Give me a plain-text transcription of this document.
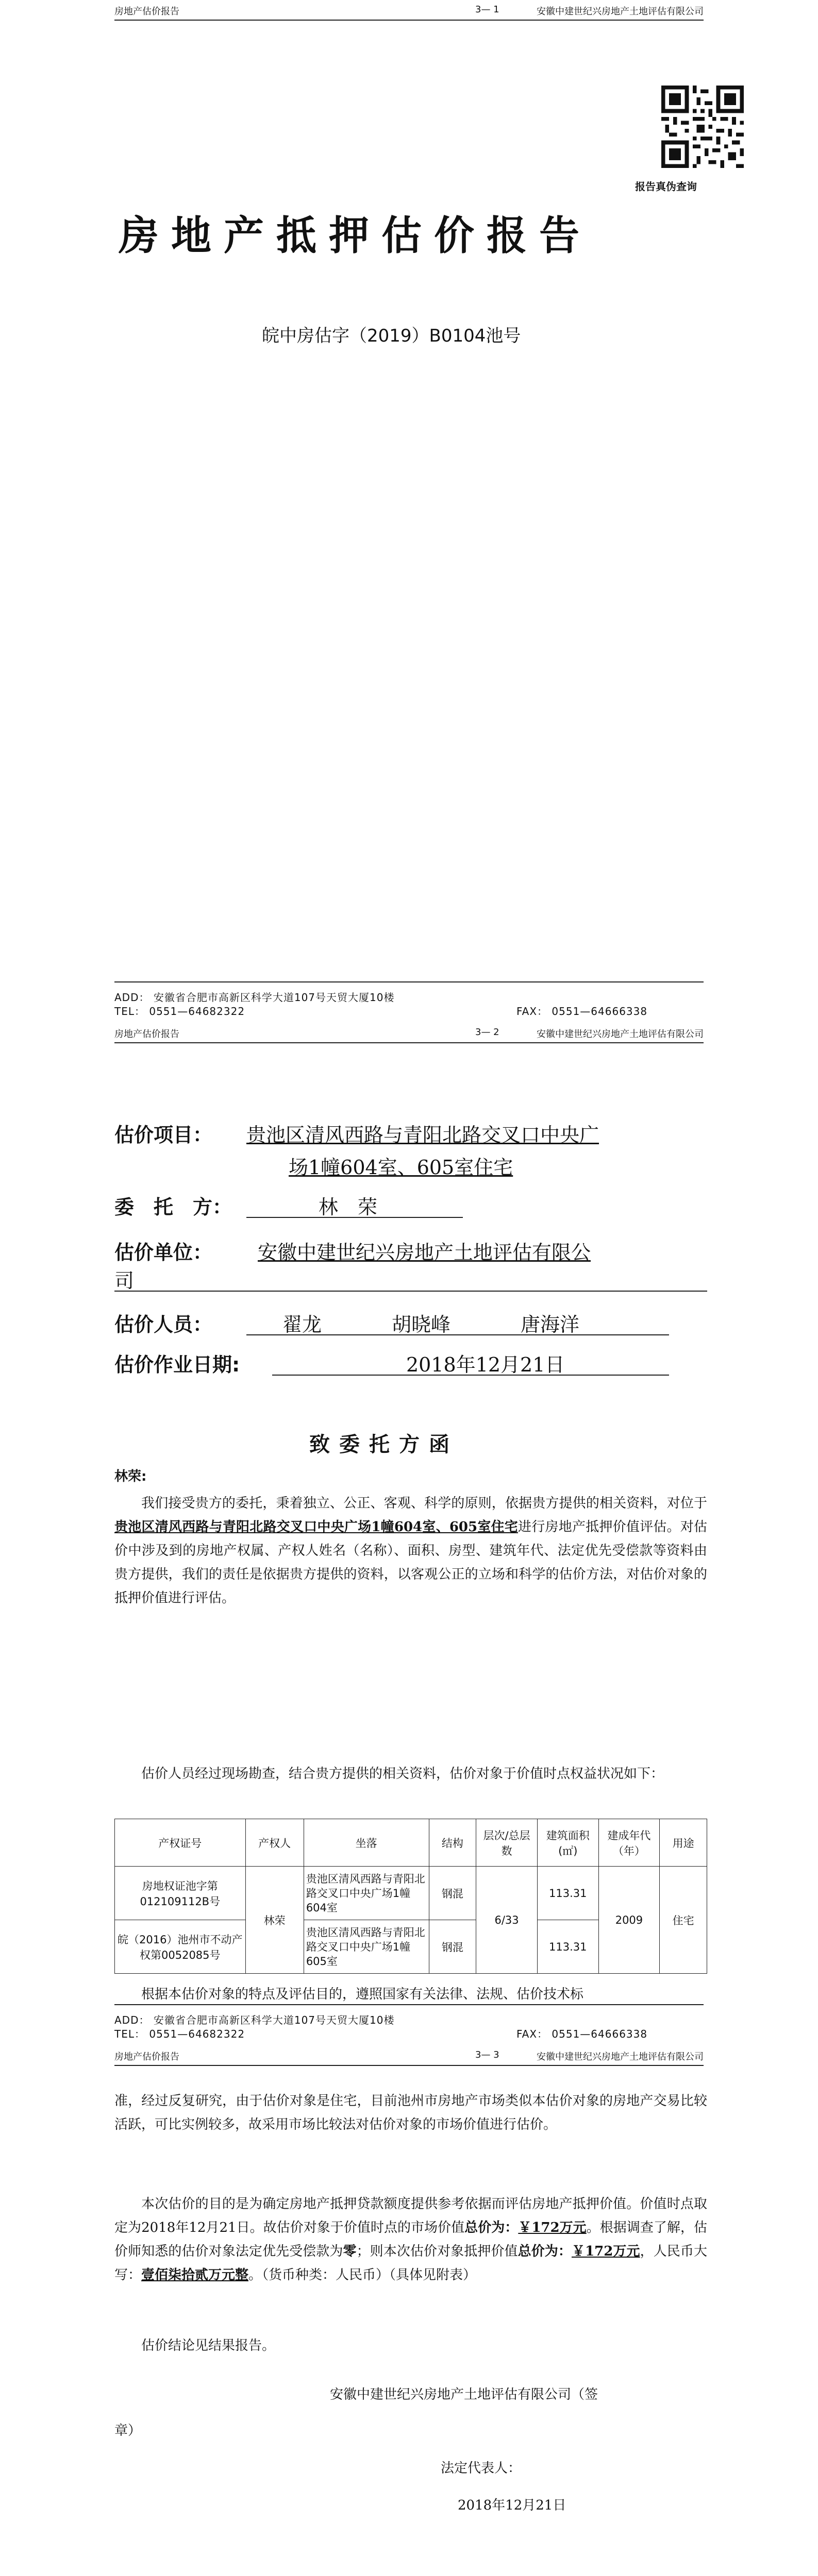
房地产估价报告	3— 1	安徽中建世纪兴房地产土地评估有限公司
报告真伪查询
房地产抵押估价报告
皖中房估字（2019）B0104池号
ADD： 安徽省合肥市高新区科学大道107号天贸大厦10楼
TEL： 0551—64682322	FAX： 0551—64666338
房地产估价报告	3— 2	安徽中建世纪兴房地产土地评估有限公司
ADD： 安徽省合肥市高新区科学大道107号天贸大厦10楼
TEL： 0551—64682322	FAX： 0551—64666338
估价项目： 贵池区清风西路与青阳北路交叉口中央广
场1幢604室、605室住宅
委　托　方：	林　荣
估价单位： 安徽中建世纪兴房地产土地评估有限公
司
估价人员：	翟龙	胡晓峰	唐海洋
估价作业日期:	2018年12月21日
致委托方函
林荣:
我们接受贵方的委托，秉着独立、公正、客观、科学的原则，依据贵方提供的相关资料，对位于贵池区清风西路与青阳北路交叉口中央广场1幢604室、605室住宅进行房地产抵押价值评估。对估价中涉及到的房地产权属、产权人姓名（名称）、面积、房型、建筑年代、法定优先受偿款等资料由贵方提供，我们的责任是依据贵方提供的资料，以客观公正的立场和科学的估价方法，对估价对象的抵押价值进行评估。
估价人员经过现场勘查，结合贵方提供的相关资料，估价对象于价值时点权益状况如下：
产权证号	产权人	坐落	结构	层次/总层数	建筑面积(㎡)	建成年代（年）	用途
房地权证池字第012109112B号	林荣	贵池区清风西路与青阳北路交叉口中央广场1幢604室	钢混	6/33	113.31	2009	住宅
皖（2016）池州市不动产权第0052085号		贵池区清风西路与青阳北路交叉口中央广场1幢605室	钢混		113.31		
根据本估价对象的特点及评估目的，遵照国家有关法律、法规、估价技术标
房地产估价报告	3— 3	安徽中建世纪兴房地产土地评估有限公司
准，经过反复研究，由于估价对象是住宅，目前池州市房地产市场类似本估价对象的房地产交易比较活跃，可比实例较多，故采用市场比较法对估价对象的市场价值进行估价。
本次估价的目的是为确定房地产抵押贷款额度提供参考依据而评估房地产抵押价值。价值时点取定为2018年12月21日。故估价对象于价值时点的市场价值总价为：￥172万元。根据调查了解，估价师知悉的估价对象法定优先受偿款为零；则本次估价对象抵押价值总价为：￥172万元，人民币大写：壹佰柒拾贰万元整。（货币种类：人民币）（具体见附表）
估价结论见结果报告。
安徽中建世纪兴房地产土地评估有限公司（签
章）
法定代表人：
2018年12月21日
